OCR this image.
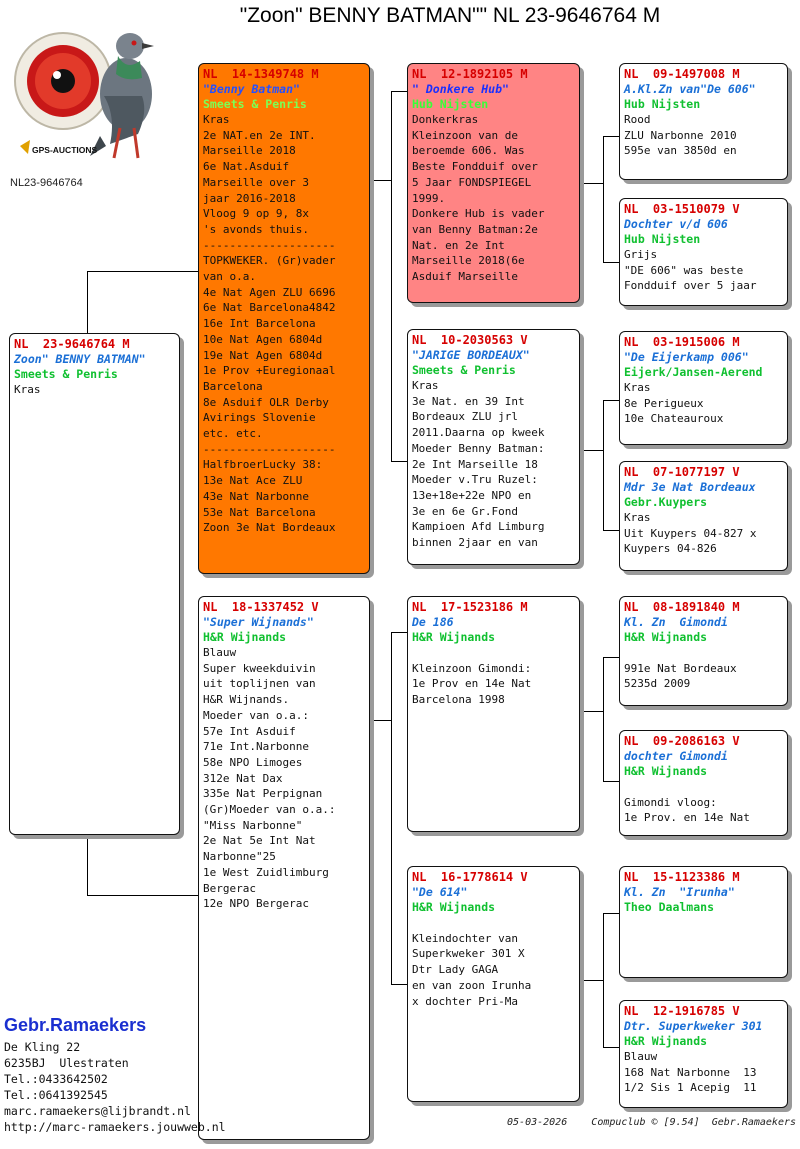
"Zoon" BENNY BATMAN"" NL 23-9646764 M
GPS-AUCTIONS
NL23-9646764
NL  23-9646764 M
Zoon" BENNY BATMAN"
Smeets & Penris
Kras
NL  14-1349748 M
"Benny Batman"
Smeets & Penris
Kras
2e NAT.en 2e INT.
Marseille 2018
6e Nat.Asduif
Marseille over 3
jaar 2016-2018
Vloog 9 op 9, 8x
's avonds thuis.
--------------------
TOPKWEKER. (Gr)vader
van o.a.
4e Nat Agen ZLU 6696
6e Nat Barcelona4842
16e Int Barcelona
10e Nat Agen 6804d
19e Nat Agen 6804d
1e Prov +Euregionaal
Barcelona
8e Asduif OLR Derby
Avirings Slovenie
etc. etc.
--------------------
HalfbroerLucky 38:
13e Nat Ace ZLU
43e Nat Narbonne
53e Nat Barcelona
Zoon 3e Nat Bordeaux
NL  18-1337452 V
"Super Wijnands"
H&R Wijnands
Blauw
Super kweekduivin
uit toplijnen van
H&R Wijnands.
Moeder van o.a.:
57e Int Asduif
71e Int.Narbonne
58e NPO Limoges
312e Nat Dax
335e Nat Perpignan
(Gr)Moeder van o.a.:
"Miss Narbonne"
2e Nat 5e Int Nat
Narbonne"25
1e West Zuidlimburg
Bergerac
12e NPO Bergerac
NL  12-1892105 M
" Donkere Hub"
Hub Nijsten
Donkerkras
Kleinzoon van de
beroemde 606. Was
Beste Fondduif over
5 Jaar FONDSPIEGEL
1999.
Donkere Hub is vader
van Benny Batman:2e
Nat. en 2e Int
Marseille 2018(6e
Asduif Marseille
NL  10-2030563 V
"JARIGE BORDEAUX"
Smeets & Penris
Kras
3e Nat. en 39 Int
Bordeaux ZLU jrl
2011.Daarna op kweek
Moeder Benny Batman:
2e Int Marseille 18
Moeder v.Tru Ruzel:
13e+18e+22e NPO en
3e en 6e Gr.Fond
Kampioen Afd Limburg
binnen 2jaar en van
NL  17-1523186 M
De 186
H&R Wijnands

Kleinzoon Gimondi:
1e Prov en 14e Nat
Barcelona 1998
NL  16-1778614 V
"De 614"
H&R Wijnands

Kleindochter van
Superkweker 301 X
Dtr Lady GAGA
en van zoon Irunha
x dochter Pri-Ma
NL  09-1497008 M
A.Kl.Zn van"De 606"
Hub Nijsten
Rood
ZLU Narbonne 2010
595e van 3850d en
NL  03-1510079 V
Dochter v/d 606
Hub Nijsten
Grijs
"DE 606" was beste
Fondduif over 5 jaar
NL  03-1915006 M
"De Eijerkamp 006"
Eijerk/Jansen-Aerend
Kras
8e Perigueux
10e Chateauroux
NL  07-1077197 V
Mdr 3e Nat Bordeaux
Gebr.Kuypers
Kras
Uit Kuypers 04-827 x
Kuypers 04-826
NL  08-1891840 M
Kl. Zn  Gimondi
H&R Wijnands

991e Nat Bordeaux
5235d 2009
NL  09-2086163 V
dochter Gimondi
H&R Wijnands

Gimondi vloog:
1e Prov. en 14e Nat
NL  15-1123386 M
Kl. Zn  "Irunha"
Theo Daalmans
NL  12-1916785 V
Dtr. Superkweker 301
H&R Wijnands
Blauw
168 Nat Narbonne  13
1/2 Sis 1 Acepig  11
Gebr.Ramaekers
De Kling 22
6235BJ  Ulestraten
Tel.:0433642502
Tel.:0641392545
marc.ramaekers@lijbrandt.nl
http://marc-ramaekers.jouwweb.nl	05-03-2026    Compuclub © [9.54]  Gebr.Ramaekers
